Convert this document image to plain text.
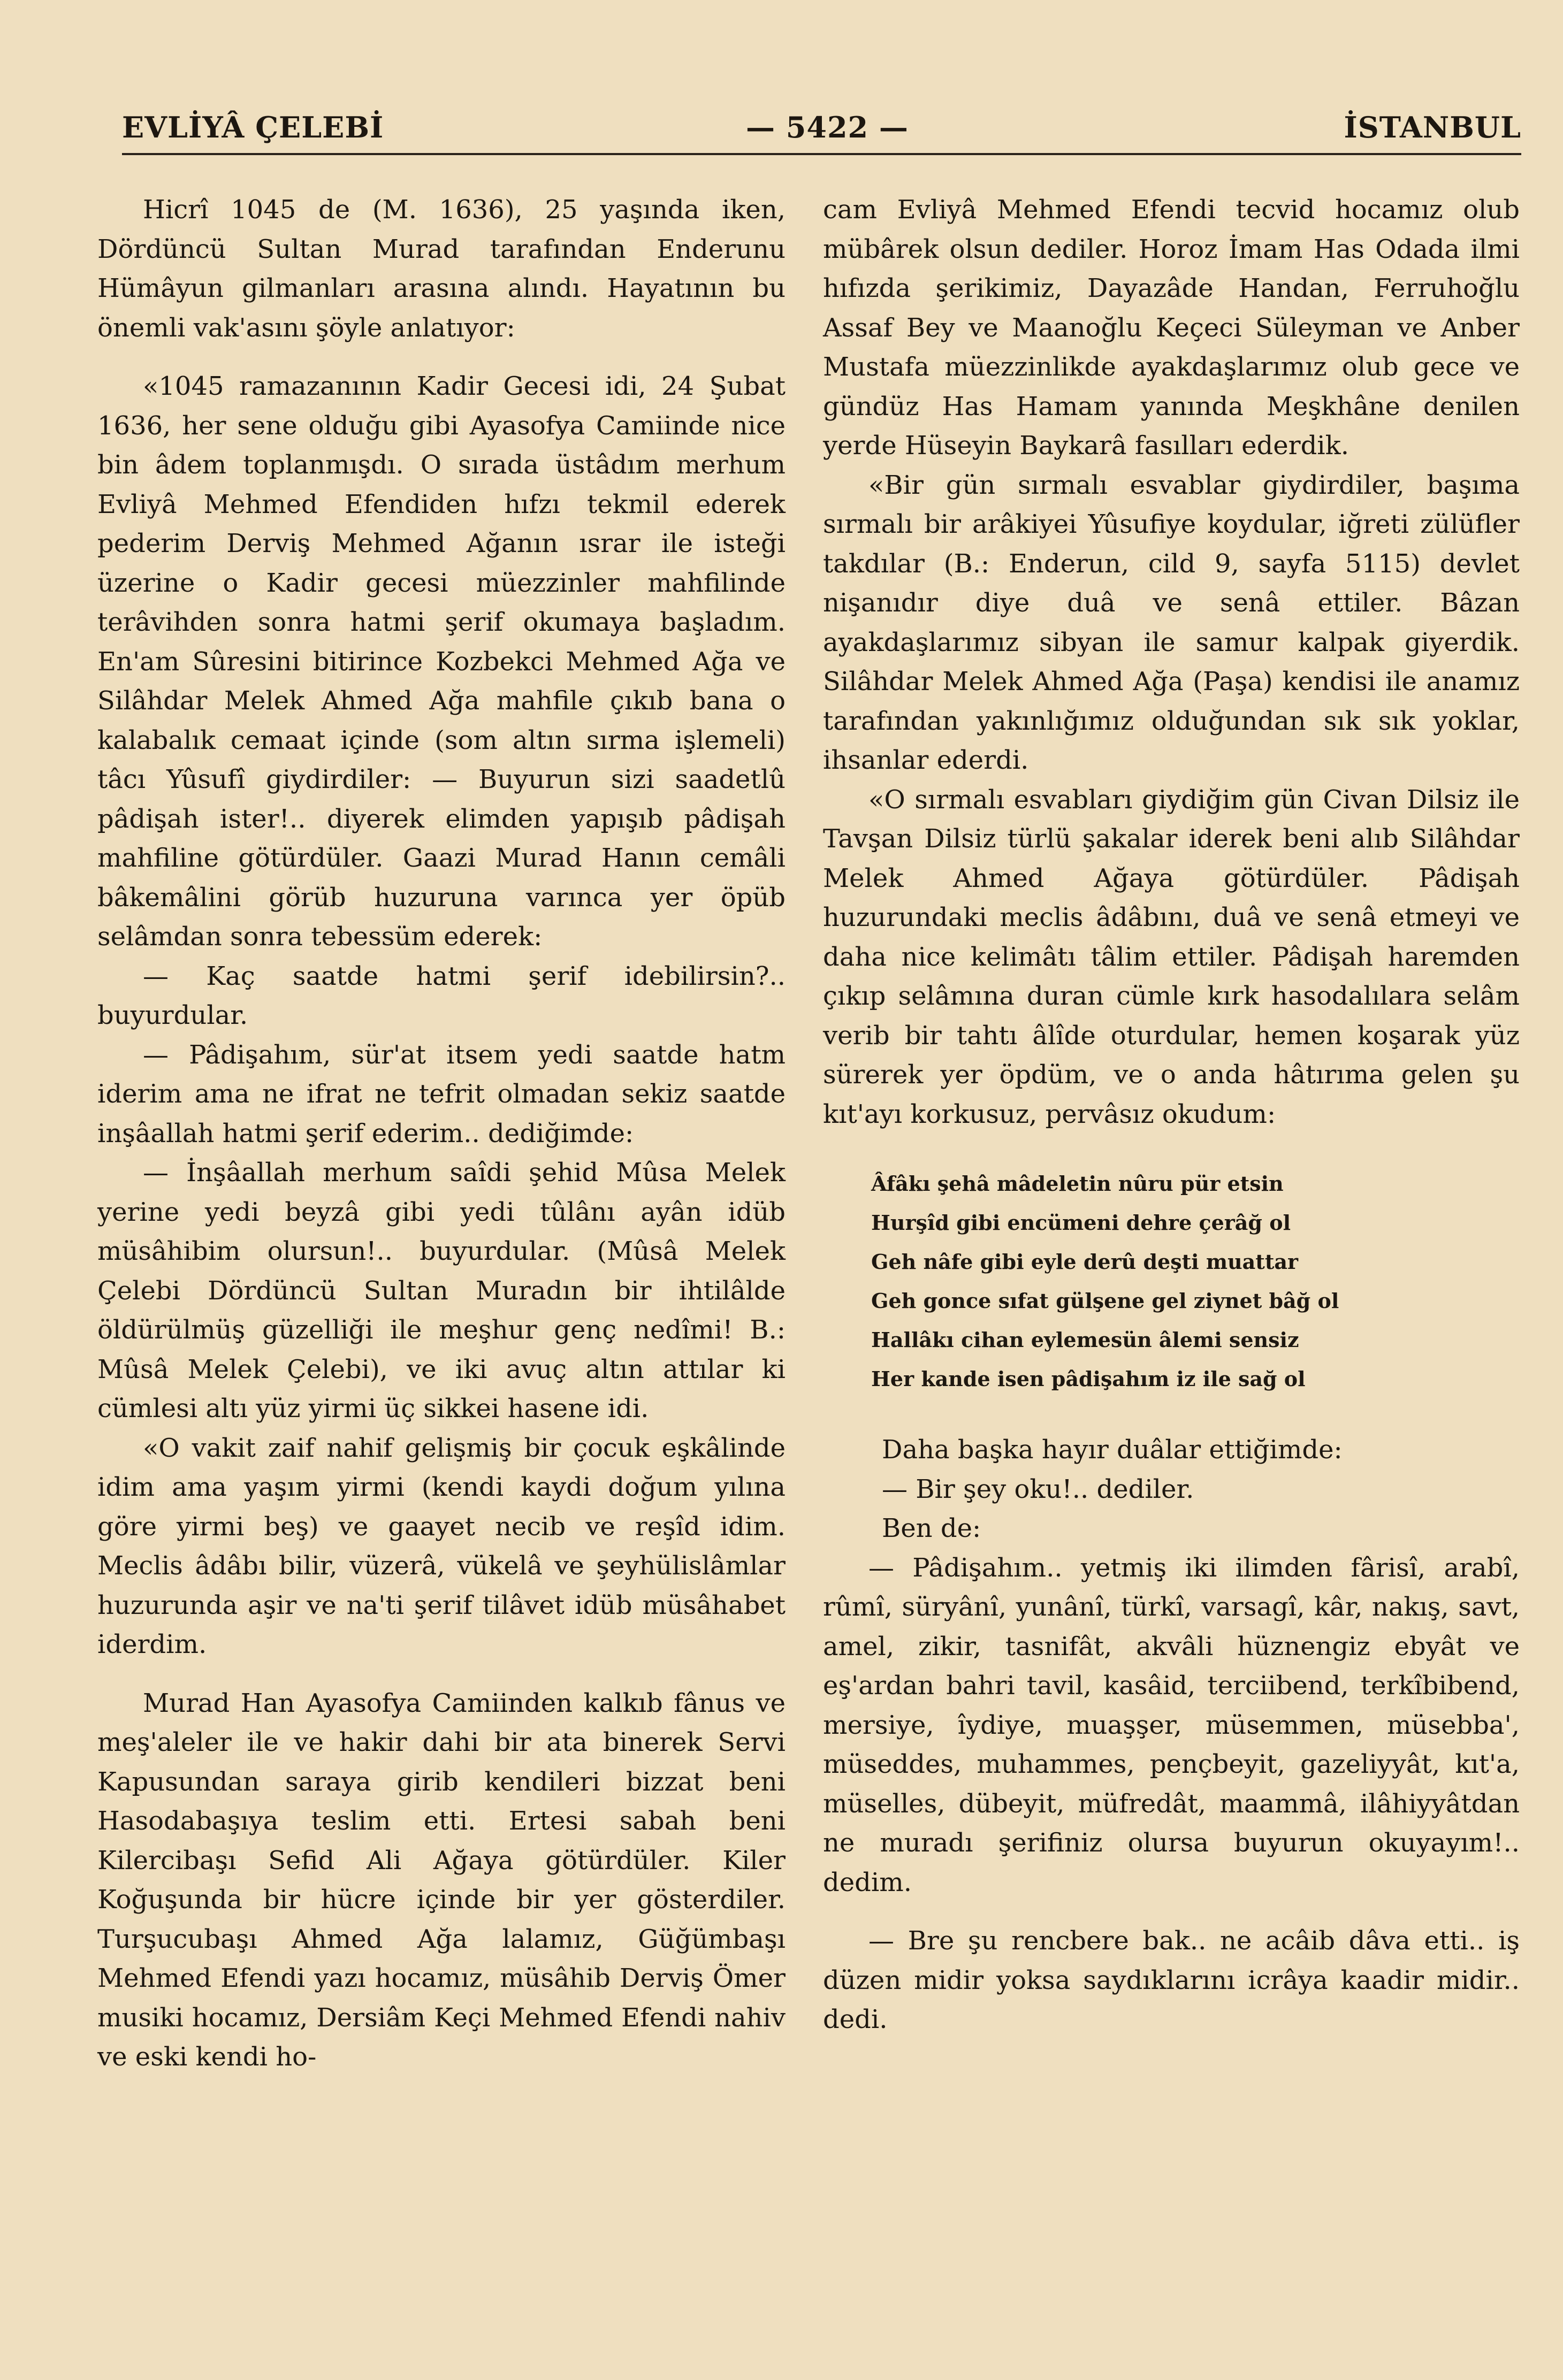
EVLİYÂ ÇELEBİ	— 5422 —	İSTANBUL

Hicrî 1045 de (M. 1636), 25 yaşında iken, Dördüncü Sultan Murad tarafından Enderunu Hümâyun gilmanları arasına alındı. Hayatının bu önemli vak'asını şöyle anlatıyor:

«1045 ramazanının Kadir Gecesi idi, 24 Şubat 1636, her sene olduğu gibi Ayasofya Camiinde nice bin âdem toplanmışdı. O sırada üstâdım merhum Evliyâ Mehmed Efendiden hıfzı tekmil ederek pederim Derviş Mehmed Ağanın ısrar ile isteği üzerine o Kadir gecesi müezzinler mahfilinde terâvihden sonra hatmi şerif okumaya başladım. En'am Sûresini bitirince Kozbekci Mehmed Ağa ve Silâhdar Melek Ahmed Ağa mahfile çıkıb bana o kalabalık cemaat içinde (som altın sırma işlemeli) tâcı Yûsufî giydirdiler: — Buyurun sizi saadetlû pâdişah ister!.. diyerek elimden yapışıb pâdişah mahfiline götürdüler. Gaazi Murad Hanın cemâli bâkemâlini görüb huzuruna varınca yer öpüb selâmdan sonra tebessüm ederek:

— Kaç saatde hatmi şerif idebilirsin?.. buyurdular.

— Pâdişahım, sür'at itsem yedi saatde hatm iderim ama ne ifrat ne tefrit olmadan sekiz saatde inşâallah hatmi şerif ederim.. dediğimde:

— İnşâallah merhum saîdi şehid Mûsa Melek yerine yedi beyzâ gibi yedi tûlânı ayân idüb müsâhibim olursun!.. buyurdular. (Mûsâ Melek Çelebi Dördüncü Sultan Muradın bir ihtilâlde öldürülmüş güzelliği ile meşhur genç nedîmi! B.: Mûsâ Melek Çelebi), ve iki avuç altın attılar ki cümlesi altı yüz yirmi üç sikkei hasene idi.

«O vakit zaif nahif gelişmiş bir çocuk eşkâlinde idim ama yaşım yirmi (kendi kaydi doğum yılına göre yirmi beş) ve gaayet necib ve reşîd idim. Meclis âdâbı bilir, vüzerâ, vükelâ ve şeyhülislâmlar huzurunda aşir ve na'ti şerif tilâvet idüb müsâhabet iderdim.

Murad Han Ayasofya Camiinden kalkıb fânus ve meş'aleler ile ve hakir dahi bir ata binerek Servi Kapusundan saraya girib kendileri bizzat beni Hasodabaşıya teslim etti. Ertesi sabah beni Kilercibaşı Sefid Ali Ağaya götürdüler. Kiler Koğuşunda bir hücre içinde bir yer gösterdiler. Turşucubaşı Ahmed Ağa lalamız, Güğümbaşı Mehmed Efendi yazı hocamız, müsâhib Derviş Ömer musiki hocamız, Dersiâm Keçi Mehmed Efendi nahiv ve eski kendi ho-

cam Evliyâ Mehmed Efendi tecvid hocamız olub mübârek olsun dediler. Horoz İmam Has Odada ilmi hıfızda şerikimiz, Dayazâde Handan, Ferruhoğlu Assaf Bey ve Maanoğlu Keçeci Süleyman ve Anber Mustafa müezzinlikde ayakdaşlarımız olub gece ve gündüz Has Hamam yanında Meşkhâne denilen yerde Hüseyin Baykarâ fasılları ederdik.

«Bir gün sırmalı esvablar giydirdiler, başıma sırmalı bir arâkiyei Yûsufiye koydular, iğreti zülüfler takdılar (B.: Enderun, cild 9, sayfa 5115) devlet nişanıdır diye duâ ve senâ ettiler. Bâzan ayakdaşlarımız sibyan ile samur kalpak giyerdik. Silâhdar Melek Ahmed Ağa (Paşa) kendisi ile anamız tarafından yakınlığımız olduğundan sık sık yoklar, ihsanlar ederdi.

«O sırmalı esvabları giydiğim gün Civan Dilsiz ile Tavşan Dilsiz türlü şakalar iderek beni alıb Silâhdar Melek Ahmed Ağaya götürdüler. Pâdişah huzurundaki meclis âdâbını, duâ ve senâ etmeyi ve daha nice kelimâtı tâlim ettiler. Pâdişah haremden çıkıp selâmına duran cümle kırk hasodalılara selâm verib bir tahtı âlîde oturdular, hemen koşarak yüz sürerek yer öpdüm, ve o anda hâtırıma gelen şu kıt'ayı korkusuz, pervâsız okudum:

Âfâkı şehâ mâdeletin nûru pür etsin
Hurşîd gibi encümeni dehre çerâğ ol
Geh nâfe gibi eyle derû deşti muattar
Geh gonce sıfat gülşene gel ziynet bâğ ol
Hallâkı cihan eylemesün âlemi sensiz
Her kande isen pâdişahım iz ile sağ ol

Daha başka hayır duâlar ettiğimde:

— Bir şey oku!.. dediler.

Ben de:

— Pâdişahım.. yetmiş iki ilimden fârisî, arabî, rûmî, süryânî, yunânî, türkî, varsagî, kâr, nakış, savt, amel, zikir, tasnifât, akvâli hüznengiz ebyât ve eş'ardan bahri tavil, kasâid, terciibend, terkîbibend, mersiye, îydiye, muaşşer, müsemmen, müsebba', müseddes, muhammes, pençbeyit, gazeliyyât, kıt'a, müselles, dübeyit, müfredât, maammâ, ilâhiyyâtdan ne muradı şerifiniz olursa buyurun okuyayım!.. dedim.

— Bre şu rencbere bak.. ne acâib dâva etti.. iş düzen midir yoksa saydıklarını icrâya kaadir midir.. dedi.
